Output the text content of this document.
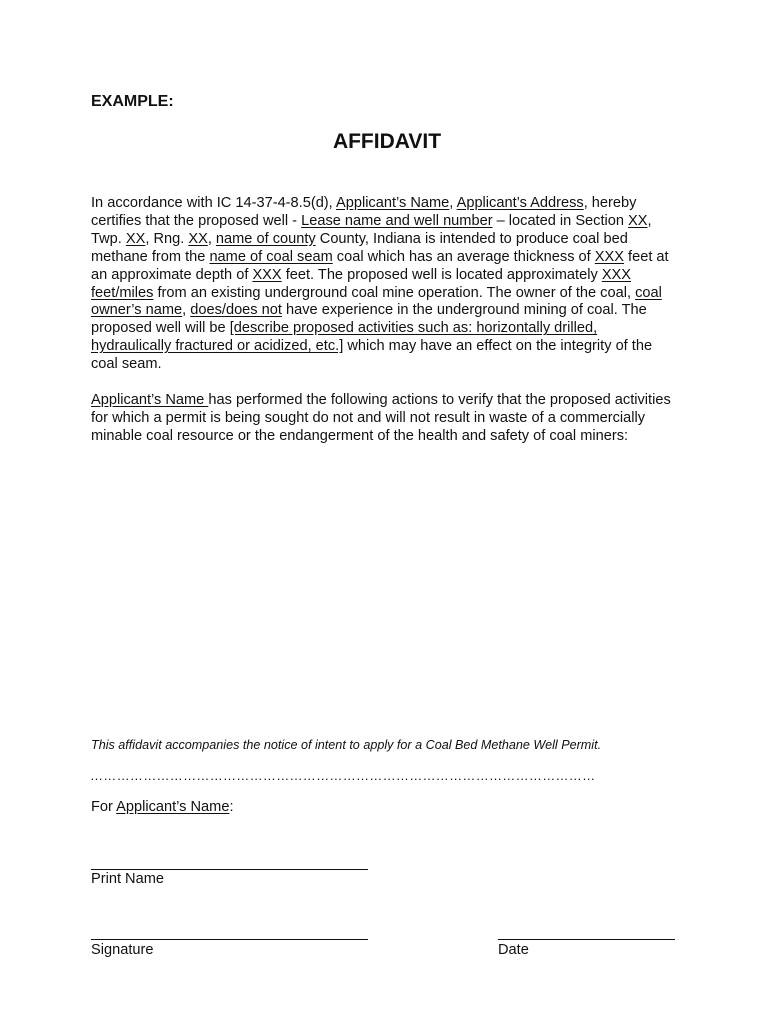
EXAMPLE:
AFFIDAVIT

In accordance with IC 14-37-4-8.5(d), Applicant’s Name, Applicant’s Address, hereby certifies that the proposed well - Lease name and well number – located in Section XX, Twp. XX, Rng. XX, name of county County, Indiana is intended to produce coal bed methane from the name of coal seam coal which has an average thickness of XXX feet at an approximate depth of XXX feet. The proposed well is located approximately XXX feet/miles from an existing underground coal mine operation. The owner of the coal, coal owner’s name, does/does not have experience in the underground mining of coal. The proposed well will be [describe proposed activities such as: horizontally drilled, hydraulically fractured or acidized, etc.] which may have an effect on the integrity of the coal seam.

Applicant’s Name has performed the following actions to verify that the proposed activities for which a permit is being sought do not and will not result in waste of a commercially minable coal resource or the endangerment of the health and safety of coal miners:

This affidavit accompanies the notice of intent to apply for a Coal Bed Methane Well Permit.
……………………………………………………………………………………………………
For Applicant’s Name:
Print Name
Signature	Date
